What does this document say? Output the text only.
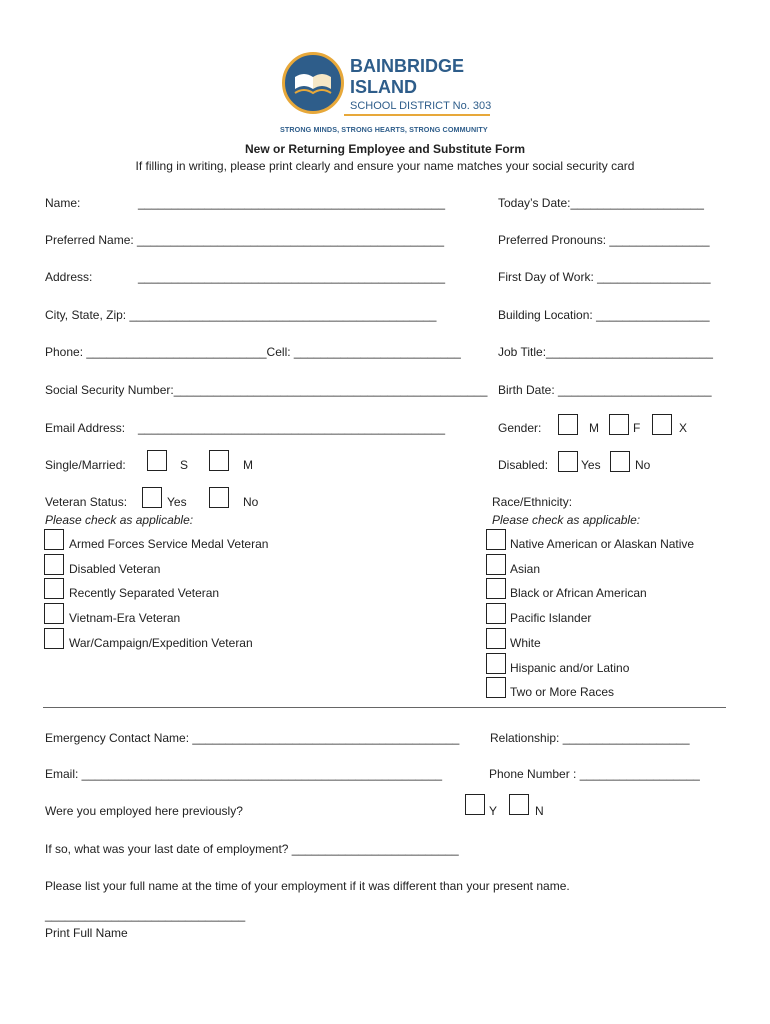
BAINBRIDGE
ISLAND
SCHOOL DISTRICT No. 303
STRONG MINDS, STRONG HEARTS, STRONG COMMUNITY
New or Returning Employee and Substitute Form
If filling in writing, please print clearly and ensure your name matches your social security card
Name:	______________________________________________	Today’s Date:____________________
Preferred Name: ______________________________________________	Preferred Pronouns: _______________
Address:	______________________________________________	First Day of Work: _________________
City, State, Zip: ______________________________________________	Building Location: _________________
Phone: ___________________________Cell: _________________________	Job Title:_________________________
Social Security Number:_______________________________________________ Birth Date: _______________________
Email Address: ______________________________________________	Gender:	M	F	X
Single/Married:	S	M	Disabled:	Yes	No
Veteran Status:	Yes	No
Please check as applicable:
Race/Ethnicity:
Please check as applicable:
Armed Forces Service Medal Veteran
Disabled Veteran
Recently Separated Veteran
Vietnam-Era Veteran
War/Campaign/Expedition Veteran
Native American or Alaskan Native
Asian
Black or African American
Pacific Islander
White
Hispanic and/or Latino
Two or More Races
Emergency Contact Name: ________________________________________	Relationship: ___________________
Email: ______________________________________________________	Phone Number : __________________
Were you employed here previously?	Y	N
If so, what was your last date of employment? _________________________
Please list your full name at the time of your employment if it was different than your present name.
______________________________
Print Full Name
